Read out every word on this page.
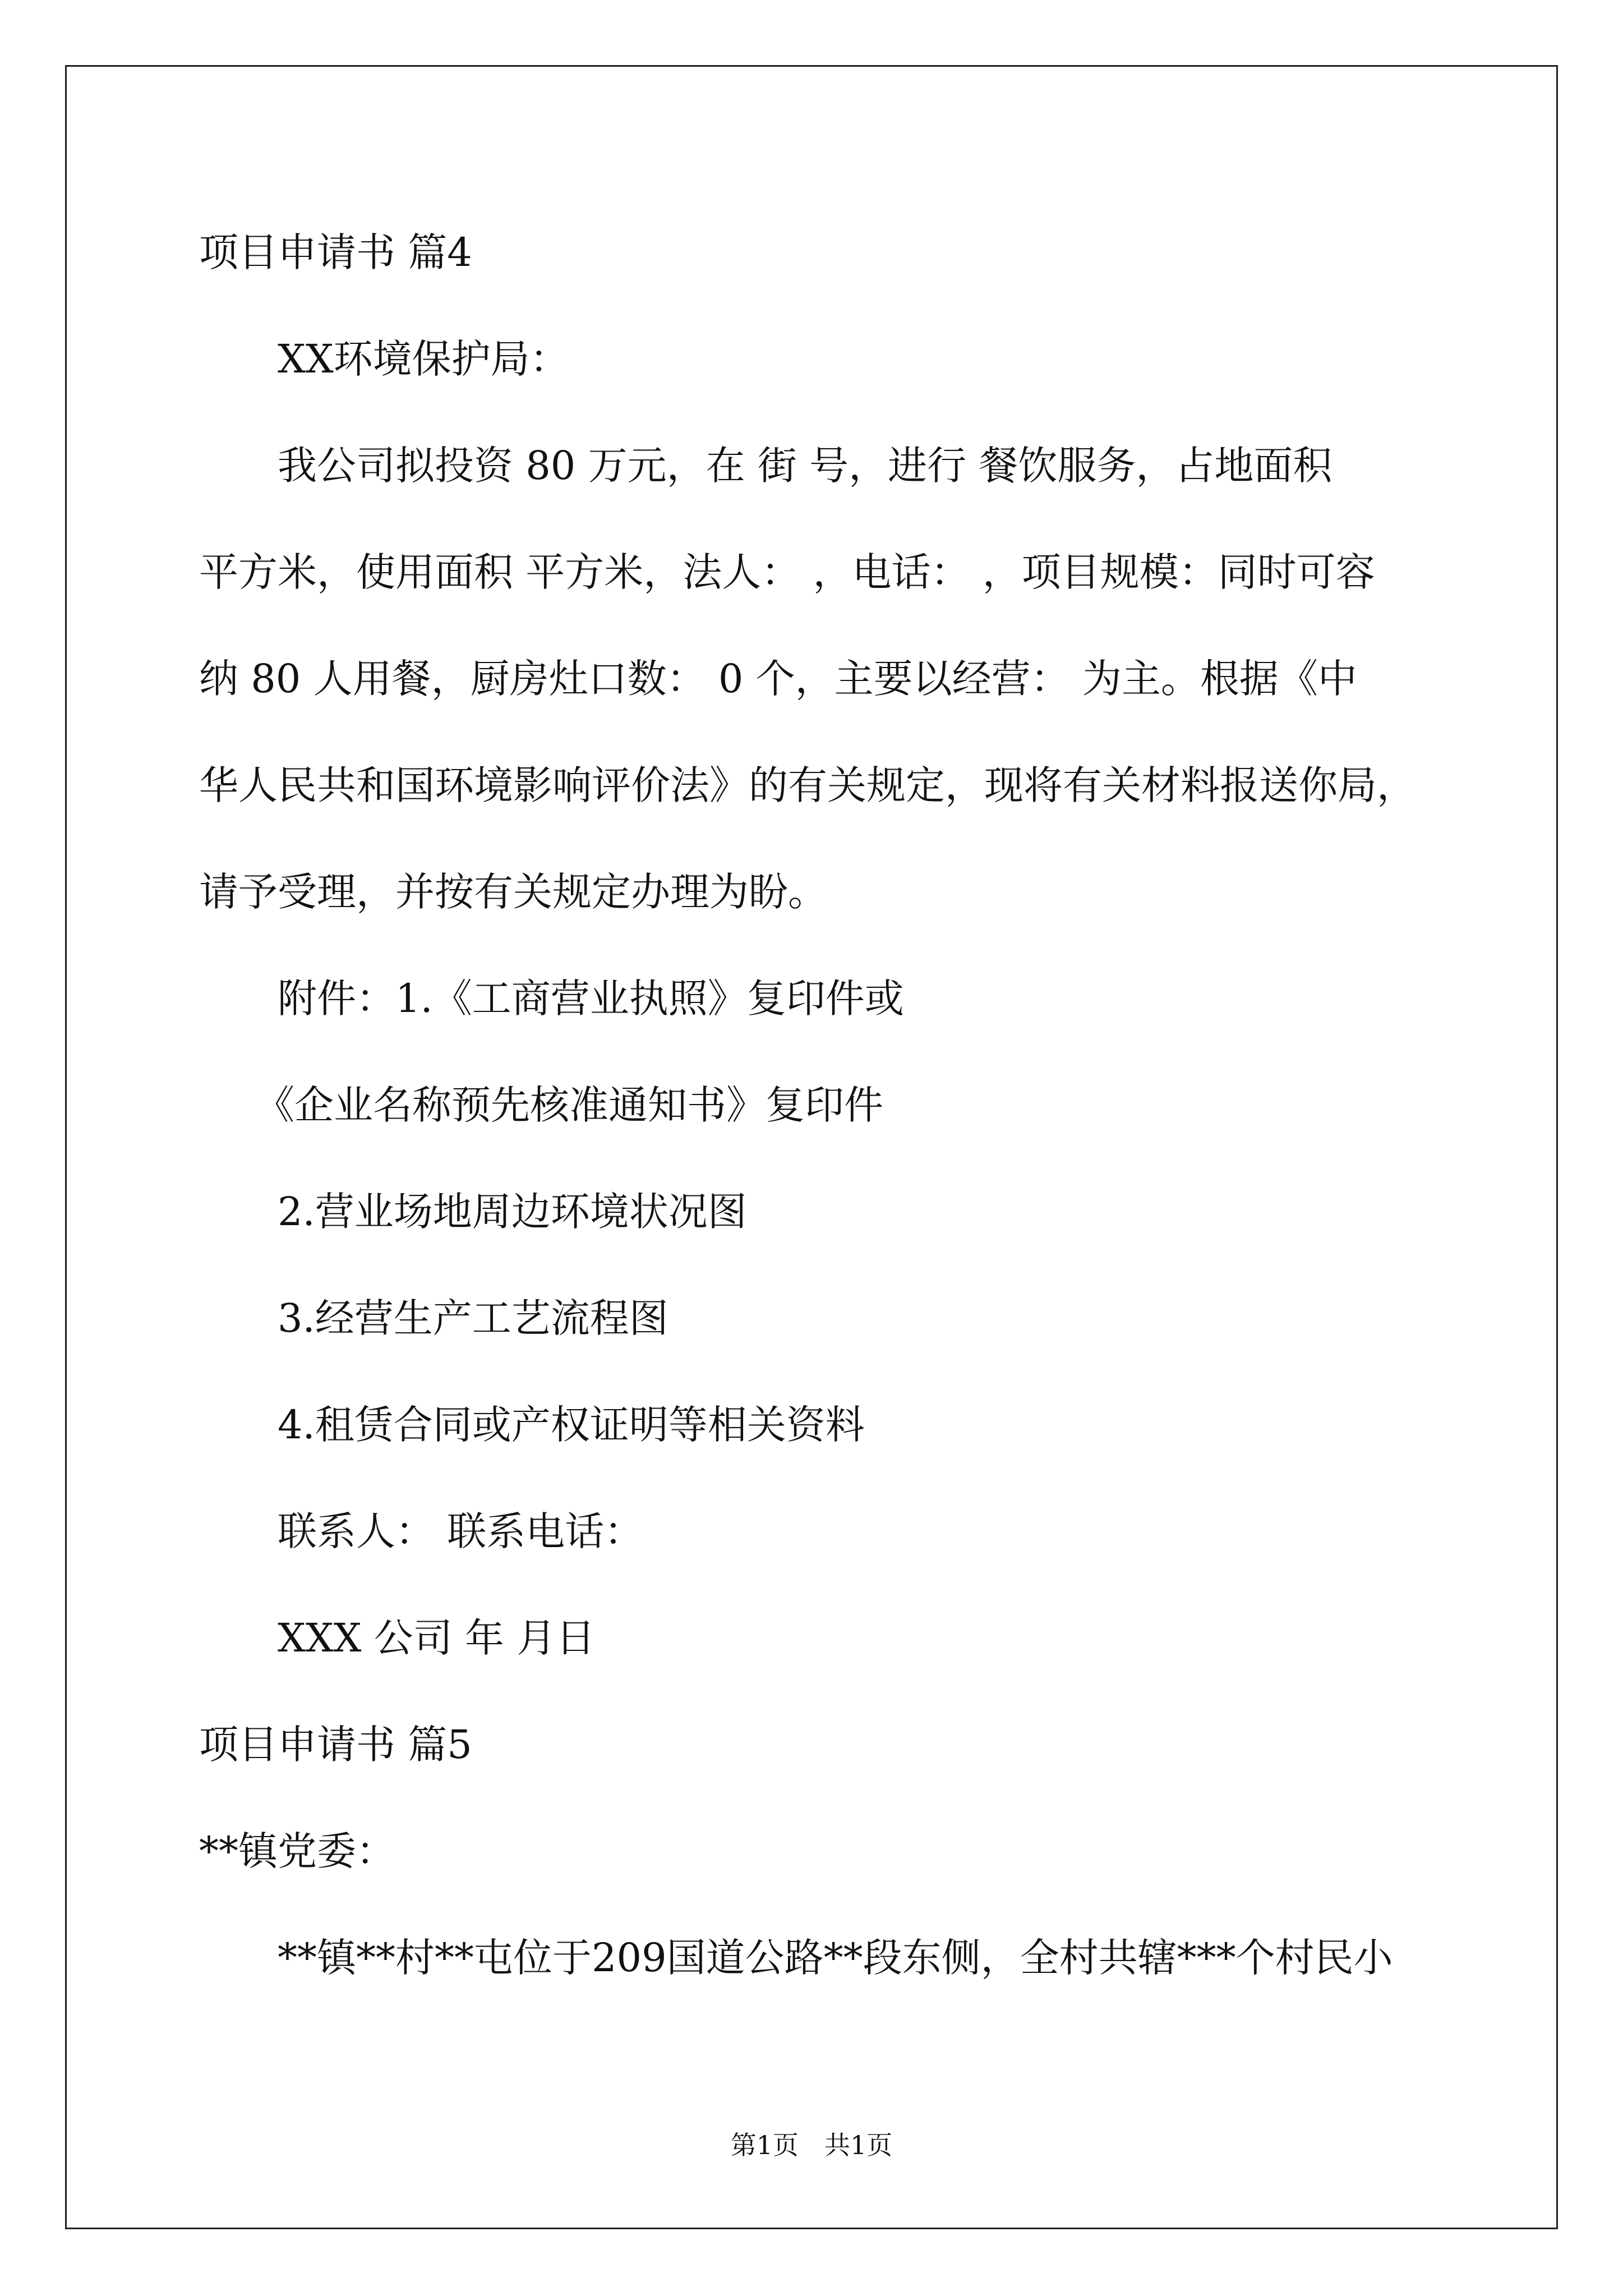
项目申请书 篇4
XX环境保护局：
我公司拟投资 80 万元，在 街 号，进行 餐饮服务，占地面积
平方米，使用面积 平方米，法人： ，电话： ，项目规模：同时可容
纳 80 人用餐，厨房灶口数： 0 个，主要以经营： 为主。根据《中
华人民共和国环境影响评价法》的有关规定，现将有关材料报送你局，
请予受理，并按有关规定办理为盼。
附件：1.《工商营业执照》复印件或
《企业名称预先核准通知书》复印件
2.营业场地周边环境状况图
3.经营生产工艺流程图
4.租赁合同或产权证明等相关资料
联系人： 联系电话：
XXX 公司 年 月日
项目申请书 篇5
**镇党委：
**镇**村**屯位于209国道公路**段东侧，全村共辖***个村民小
第1页　共1页
